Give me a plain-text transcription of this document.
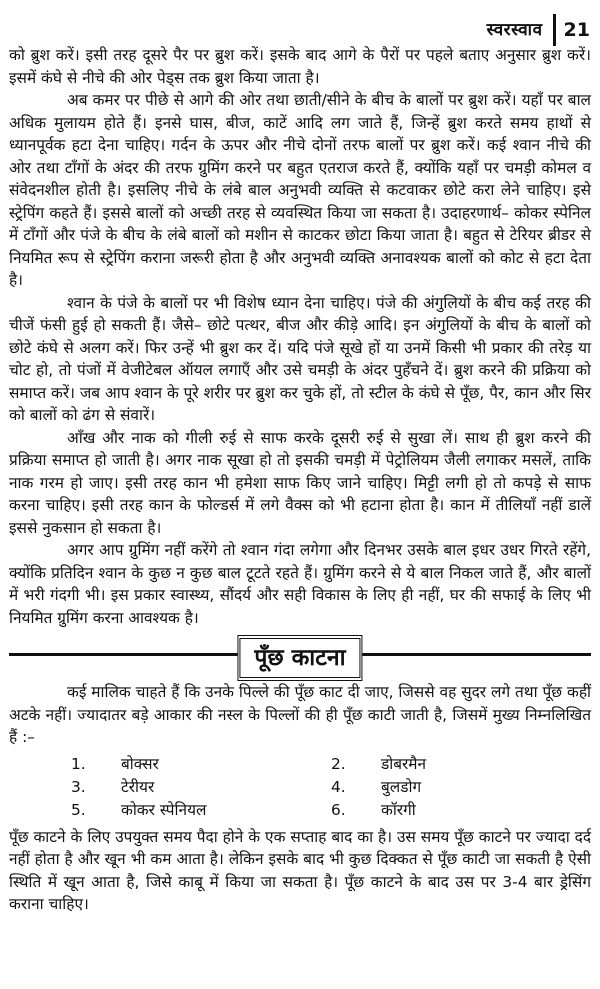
स्वरस्वाव	21

को ब्रुश करें। इसी तरह दूसरे पैर पर ब्रुश करें। इसके बाद आगे के पैरों पर पहले बताए अनुसार ब्रुश करें। इसमें कंघे से नीचे की ओर पेड्स तक ब्रुश किया जाता है।

अब कमर पर पीछे से आगे की ओर तथा छाती/सीने के बीच के बालों पर ब्रुश करें। यहाँ पर बाल अधिक मुलायम होते हैं। इनसे घास, बीज, काटें आदि लग जाते हैं, जिन्हें ब्रुश करते समय हाथों से ध्यानपूर्वक हटा देना चाहिए। गर्दन के ऊपर और नीचे दोनों तरफ बालों पर ब्रुश करें। कई श्वान नीचे की ओर तथा टाँगों के अंदर की तरफ ग्रुमिंग करने पर बहुत एतराज करते हैं, क्योंकि यहाँ पर चमड़ी कोमल व संवेदनशील होती है। इसलिए नीचे के लंबे बाल अनुभवी व्यक्ति से कटवाकर छोटे करा लेने चाहिए। इसे स्ट्रेपिंग कहते हैं। इससे बालों को अच्छी तरह से व्यवस्थित किया जा सकता है। उदाहरणार्थ– कोकर स्पेनिल में टाँगों और पंजे के बीच के लंबे बालों को मशीन से काटकर छोटा किया जाता है। बहुत से टेरियर ब्रीडर से नियमित रूप से स्ट्रेपिंग कराना जरूरी होता है और अनुभवी व्यक्ति अनावश्यक बालों को कोट से हटा देता है।

श्वान के पंजे के बालों पर भी विशेष ध्यान देना चाहिए। पंजे की अंगुलियों के बीच कई तरह की चीजें फंसी हुई हो सकती हैं। जैसे– छोटे पत्थर, बीज और कीड़े आदि। इन अंगुलियों के बीच के बालों को छोटे कंघे से अलग करें। फिर उन्हें भी ब्रुश कर दें। यदि पंजे सूखे हों या उनमें किसी भी प्रकार की तरेड़ या चोट हो, तो पंजों में वेजीटेबल ऑयल लगाएँ और उसे चमड़ी के अंदर पुहँचने दें। ब्रुश करने की प्रक्रिया को समाप्त करें। जब आप श्वान के पूरे शरीर पर ब्रुश कर चुके हों, तो स्टील के कंघे से पूँछ, पैर, कान और सिर को बालों को ढंग से संवारें।

आँख और नाक को गीली रुई से साफ करके दूसरी रुई से सुखा लें। साथ ही ब्रुश करने की प्रक्रिया समाप्त हो जाती है। अगर नाक सूखा हो तो इसकी चमड़ी में पेट्रोलियम जैली लगाकर मसलें, ताकि नाक गरम हो जाए। इसी तरह कान भी हमेशा साफ किए जाने चाहिए। मिट्टी लगी हो तो कपड़े से साफ करना चाहिए। इसी तरह कान के फोल्डर्स में लगे वैक्स को भी हटाना होता है। कान में तीलियाँ नहीं डालें इससे नुकसान हो सकता है।

अगर आप ग्रुमिंग नहीं करेंगे तो श्वान गंदा लगेगा और दिनभर उसके बाल इधर उधर गिरते रहेंगे, क्योंकि प्रतिदिन श्वान के कुछ न कुछ बाल टूटते रहते हैं। ग्रुमिंग करने से ये बाल निकल जाते हैं, और बालों में भरी गंदगी भी। इस प्रकार स्वास्थ्य, सौंदर्य और सही विकास के लिए ही नहीं, घर की सफाई के लिए भी नियमित ग्रुमिंग करना आवश्यक है।

पूँछ काटना

कई मालिक चाहते हैं कि उनके पिल्ले की पूँछ काट दी जाए, जिससे वह सुदर लगे तथा पूँछ कहीं अटके नहीं। ज्यादातर बड़े आकार की नस्ल के पिल्लों की ही पूँछ काटी जाती है, जिसमें मुख्य निम्नलिखित हैं :–

1.	बोक्सर	2.	डोबरमैन
3.	टेरीयर	4.	बुलडोग
5.	कोकर स्पेनियल	6.	कॉरगी

पूँछ काटने के लिए उपयुक्त समय पैदा होने के एक सप्ताह बाद का है। उस समय पूँछ काटने पर ज्यादा दर्द नहीं होता है और खून भी कम आता है। लेकिन इसके बाद भी कुछ दिक्कत से पूँछ काटी जा सकती है ऐसी स्थिति में खून आता है, जिसे काबू में किया जा सकता है। पूँछ काटने के बाद उस पर 3-4 बार ड्रेसिंग कराना चाहिए।
